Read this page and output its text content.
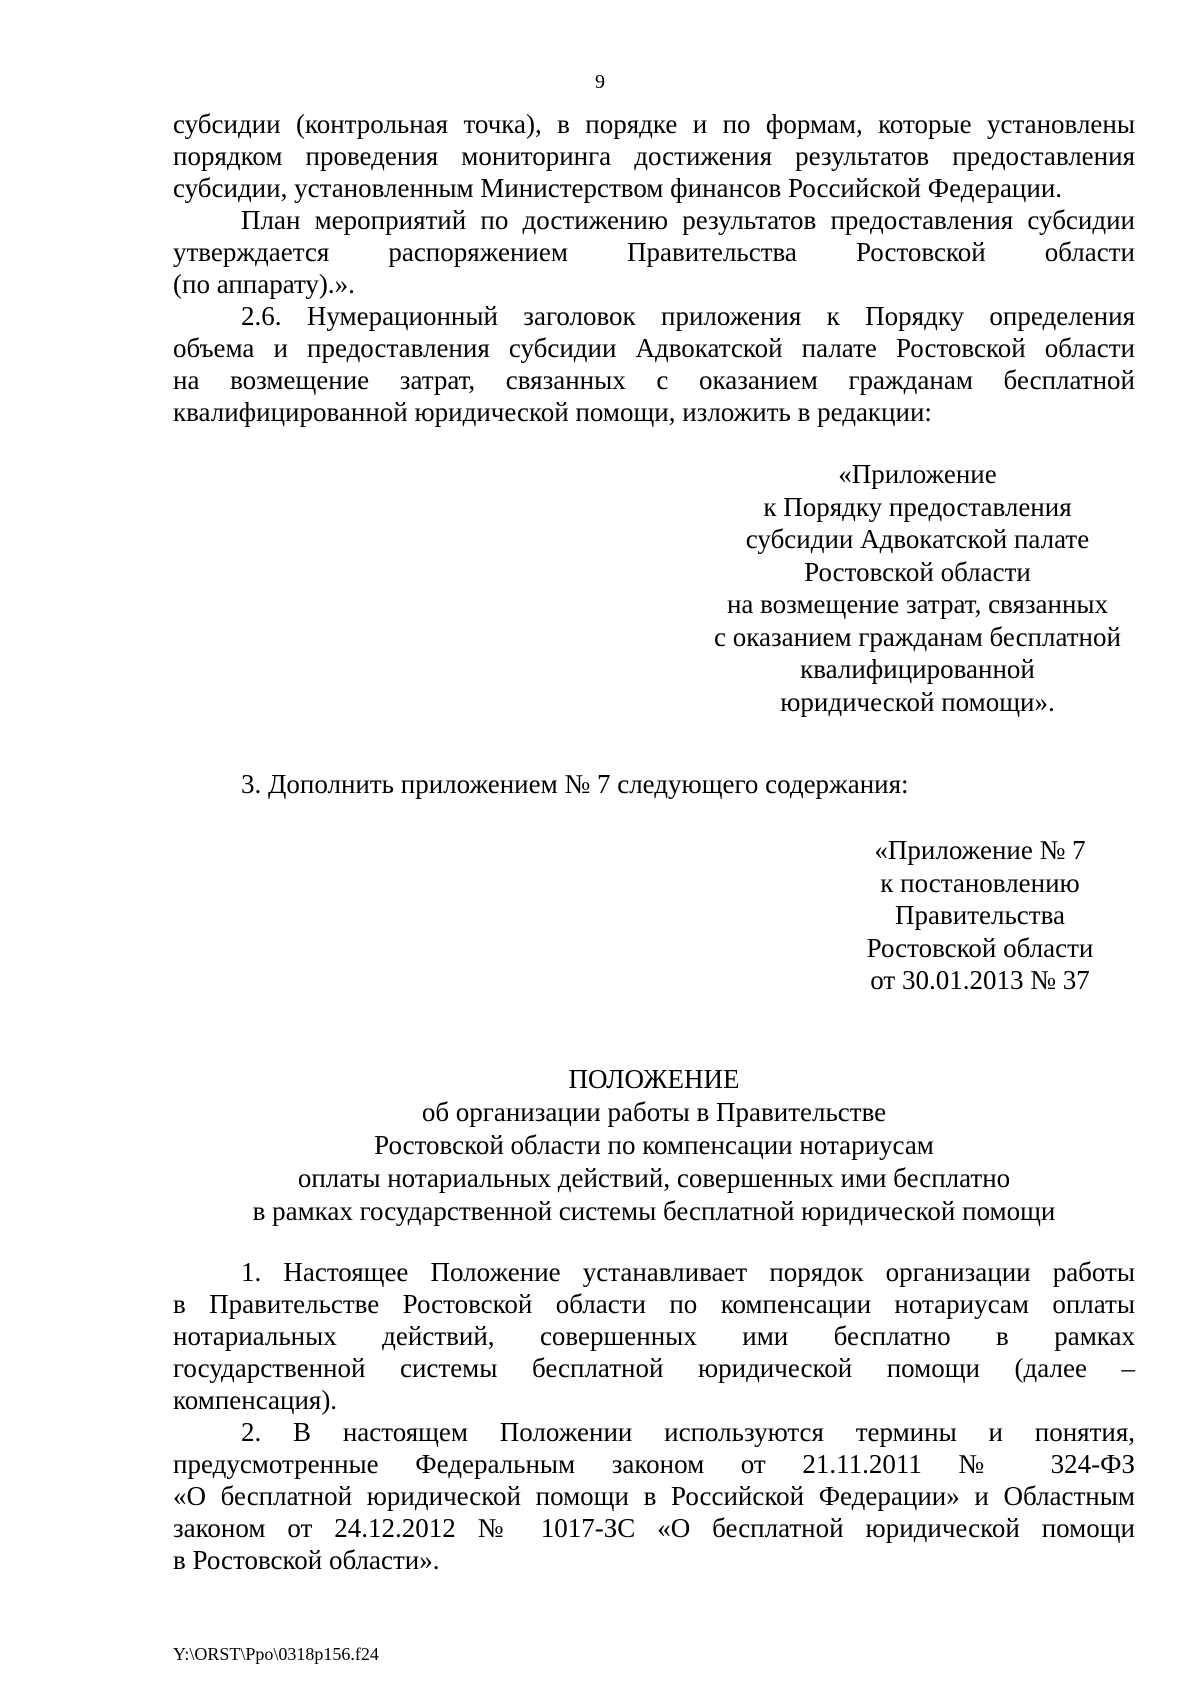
9
субсидии (контрольная точка), в порядке и по формам, которые установлены
порядком проведения мониторинга достижения результатов предоставления
субсидии, установленным Министерством финансов Российской Федерации.
План мероприятий по достижению результатов предоставления субсидии
утверждается распоряжением Правительства Ростовской области
(по аппарату).».
2.6. Нумерационный заголовок приложения к Порядку определения
объема и предоставления субсидии Адвокатской палате Ростовской области
на возмещение затрат, связанных с оказанием гражданам бесплатной
квалифицированной юридической помощи, изложить в редакции:
«Приложение
к Порядку предоставления
субсидии Адвокатской палате
Ростовской области
на возмещение затрат, связанных
с оказанием гражданам бесплатной
квалифицированной
юридической помощи».
3. Дополнить приложением № 7 следующего содержания:
«Приложение № 7
к постановлению
Правительства
Ростовской области
от 30.01.2013 № 37
ПОЛОЖЕНИЕ
об организации работы в Правительстве
Ростовской области по компенсации нотариусам
оплаты нотариальных действий, совершенных ими бесплатно
в рамках государственной системы бесплатной юридической помощи
1. Настоящее Положение устанавливает порядок организации работы
в Правительстве Ростовской области по компенсации нотариусам оплаты
нотариальных действий, совершенных ими бесплатно в рамках
государственной системы бесплатной юридической помощи (далее –
компенсация).
2. В настоящем Положении используются термины и понятия,
предусмотренные Федеральным законом от 21.11.2011 № 324-ФЗ
«О бесплатной юридической помощи в Российской Федерации» и Областным
законом от 24.12.2012 № 1017-ЗС «О бесплатной юридической помощи
в Ростовской области».
Y:\ORST\Ppo\0318p156.f24
